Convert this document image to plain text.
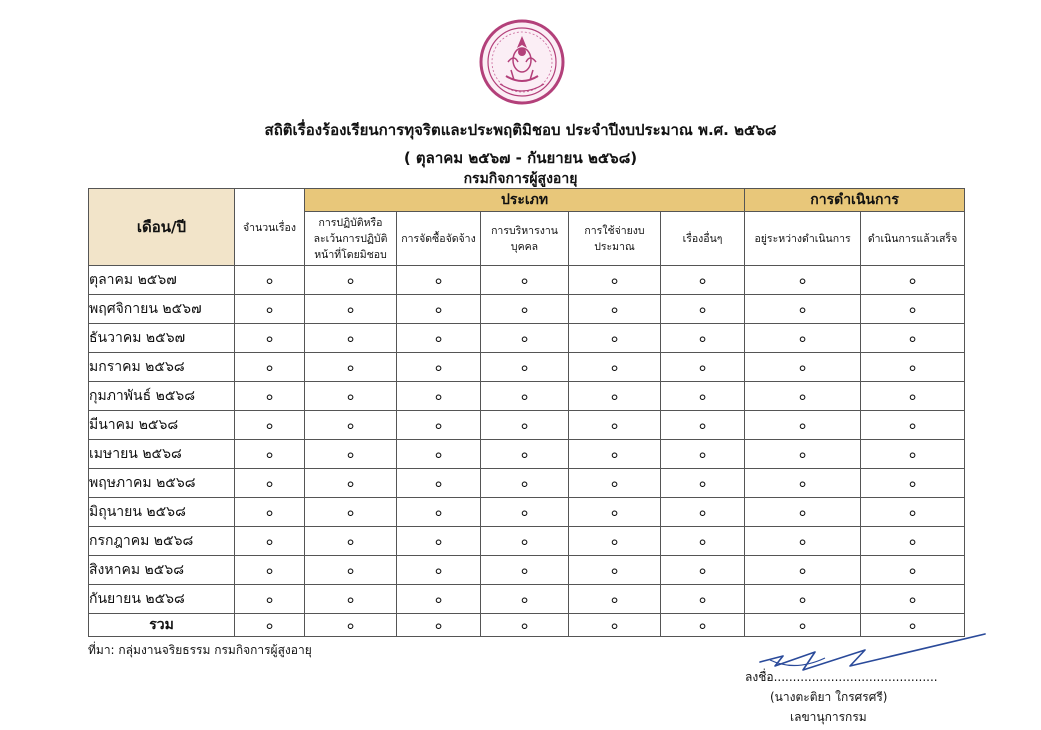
สถิติเรื่องร้องเรียนการทุจริตและประพฤติมิชอบ ประจำปีงบประมาณ พ.ศ. ๒๕๖๘
( ตุลาคม ๒๕๖๗ - กันยายน ๒๕๖๘)
กรมกิจการผู้สูงอายุ
เดือน/ปี	จำนวนเรื่อง	ประเภท					การดำเนินการ	
		การปฏิบัติหรือละเว้นการปฏิบัติหน้าที่โดยมิชอบ	การจัดซื้อจัดจ้าง	การบริหารงานบุคคล	การใช้จ่ายงบประมาณ	เรื่องอื่นๆ	อยู่ระหว่างดำเนินการ	ดำเนินการแล้วเสร็จ
ตุลาคม ๒๕๖๗	๐	๐	๐	๐	๐	๐	๐	๐
พฤศจิกายน ๒๕๖๗	๐	๐	๐	๐	๐	๐	๐	๐
ธันวาคม ๒๕๖๗	๐	๐	๐	๐	๐	๐	๐	๐
มกราคม ๒๕๖๘	๐	๐	๐	๐	๐	๐	๐	๐
กุมภาพันธ์ ๒๕๖๘	๐	๐	๐	๐	๐	๐	๐	๐
มีนาคม ๒๕๖๘	๐	๐	๐	๐	๐	๐	๐	๐
เมษายน ๒๕๖๘	๐	๐	๐	๐	๐	๐	๐	๐
พฤษภาคม ๒๕๖๘	๐	๐	๐	๐	๐	๐	๐	๐
มิถุนายน ๒๕๖๘	๐	๐	๐	๐	๐	๐	๐	๐
กรกฎาคม ๒๕๖๘	๐	๐	๐	๐	๐	๐	๐	๐
สิงหาคม ๒๕๖๘	๐	๐	๐	๐	๐	๐	๐	๐
กันยายน ๒๕๖๘	๐	๐	๐	๐	๐	๐	๐	๐
รวม	๐	๐	๐	๐	๐	๐	๐	๐
ที่มา: กลุ่มงานจริยธรรม กรมกิจการผู้สูงอายุ
ลงชื่อ...........................................
(นางตะติยา ใกรศรศรี)
เลขานุการกรม
